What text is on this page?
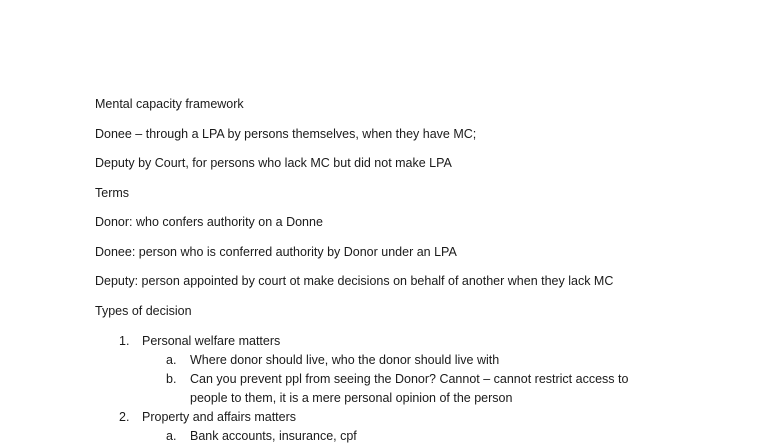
Mental capacity framework
Donee – through a LPA by persons themselves, when they have MC;
Deputy by Court, for persons who lack MC but did not make LPA
Terms
Donor: who confers authority on a Donne
Donee: person who is conferred authority by Donor under an LPA
Deputy: person appointed by court ot make decisions on behalf of another when they lack MC
Types of decision
1. Personal welfare matters
a. Where donor should live, who the donor should live with
b. Can you prevent ppl from seeing the Donor? Cannot – cannot restrict access to people to them, it is a mere personal opinion of the person
2. Property and affairs matters
a. Bank accounts, insurance, cpf
